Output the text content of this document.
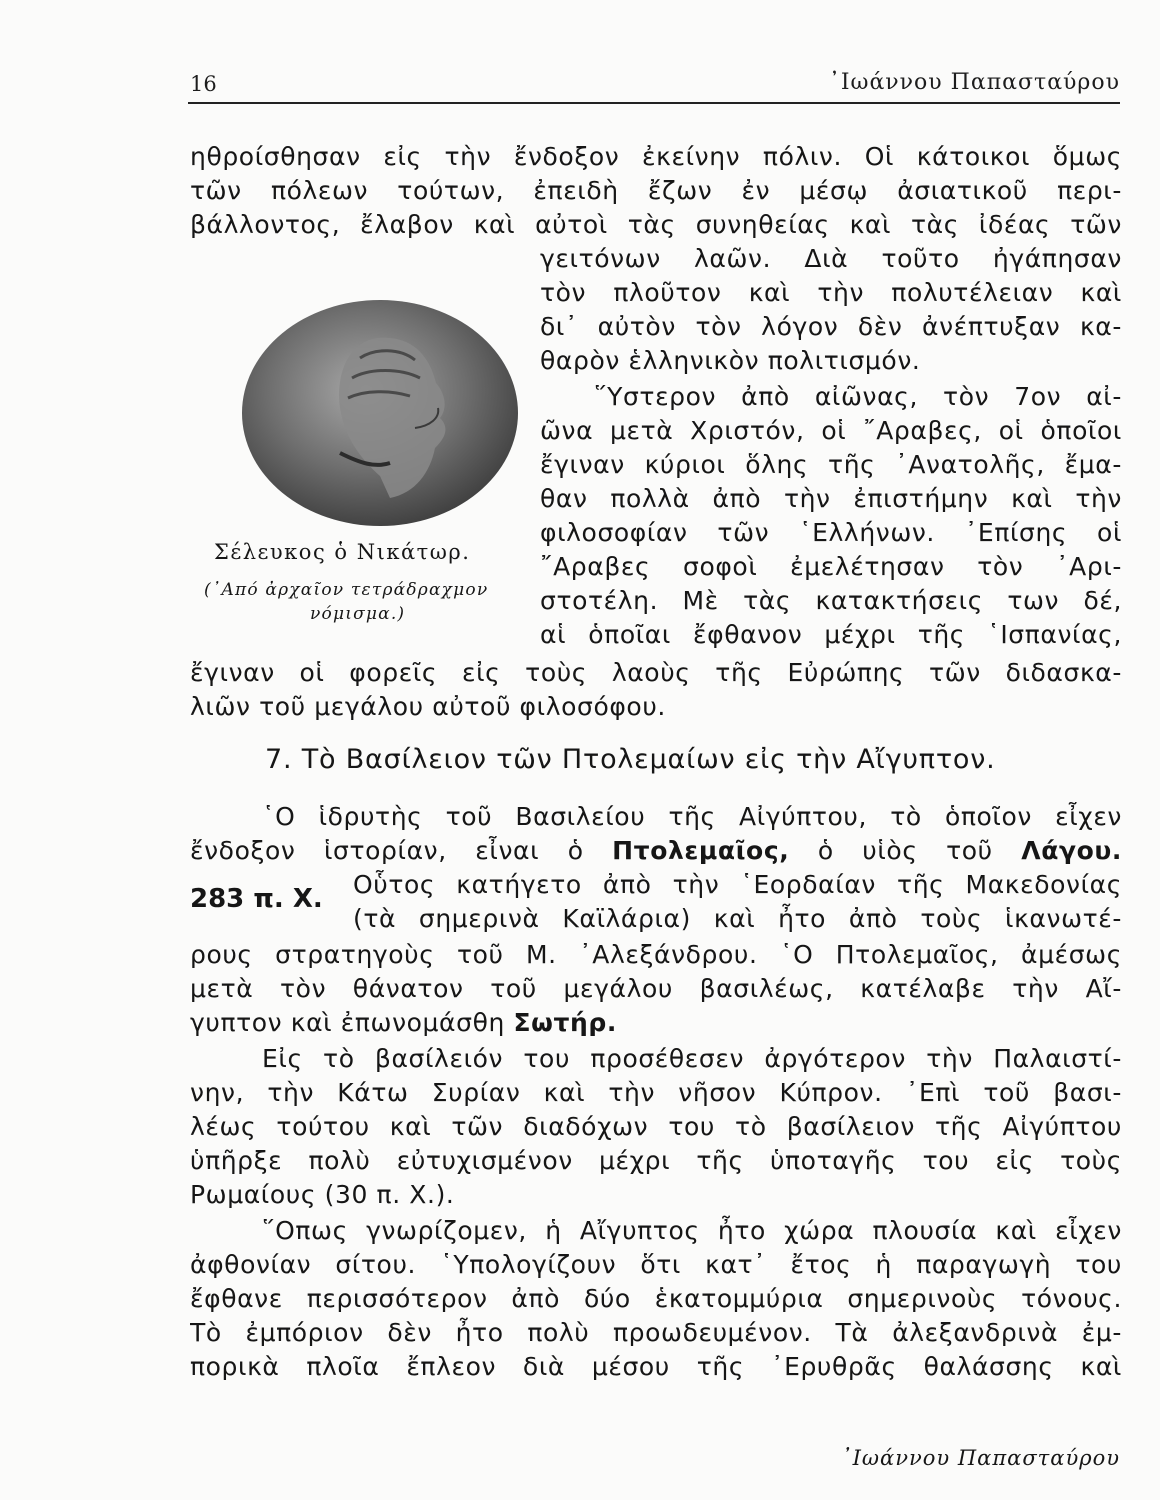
16	᾿Ιωάννου Παπασταύρου
ηθροίσθησαν εἰς τὴν ἔνδοξον ἐκείνην πόλιν. Οἱ κάτοικοι ὅμως
τῶν πόλεων τούτων, ἐπειδὴ ἔζων ἐν μέσῳ ἀσιατικοῦ περι-
βάλλοντος, ἔλαβον καὶ αὐτοὶ τὰς συνηθείας καὶ τὰς ἰδέας τῶν
Σέλευκος ὁ Νικάτωρ.
(᾿Από ἀρχαῖον τετράδραχμον
νόμισμα.)
γειτόνων λαῶν. Διὰ τοῦτο ἠγάπησαν
τὸν πλοῦτον καὶ τὴν πολυτέλειαν καὶ
δι᾿ αὐτὸν τὸν λόγον δὲν ἀνέπτυξαν κα-
θαρὸν ἑλληνικὸν πολιτισμόν.
῞Υστερον ἀπὸ αἰῶνας, τὸν 7ον αἰ-
ῶνα μετὰ Χριστόν, οἱ ῎Αραβες, οἱ ὁποῖοι
ἔγιναν κύριοι ὅλης τῆς ᾿Ανατολῆς, ἔμα-
θαν πολλὰ ἀπὸ τὴν ἐπιστήμην καὶ τὴν
φιλοσοφίαν τῶν ῾Ελλήνων. ᾿Επίσης οἱ
῎Αραβες σοφοὶ ἐμελέτησαν τὸν ᾿Αρι-
στοτέλη. Μὲ τὰς κατακτήσεις των δέ,
αἱ ὁποῖαι ἔφθανον μέχρι τῆς ῾Ισπανίας,
ἔγιναν οἱ φορεῖς εἰς τοὺς λαοὺς τῆς Εὐρώπης τῶν διδασκα-
λιῶν τοῦ μεγάλου αὐτοῦ φιλοσόφου.
7. Τὸ Βασίλειον τῶν Πτολεμαίων εἰς τὴν Αἴγυπτον.
῾Ο ἱδρυτὴς τοῦ Βασιλείου τῆς Αἰγύπτου, τὸ ὁποῖον εἶχεν
ἔνδοξον ἱστορίαν, εἶναι ὁ Πτολεμαῖος, ὁ υἱὸς τοῦ Λάγου.
283 π. Χ. Οὗτος κατήγετο ἀπὸ τὴν ῾Εορδαίαν τῆς Μακεδονίας
(τὰ σημερινὰ Καϊλάρια) καὶ ἦτο ἀπὸ τοὺς ἱκανωτέ-
ρους στρατηγοὺς τοῦ Μ. ᾿Αλεξάνδρου. ῾Ο Πτολεμαῖος, ἀμέσως
μετὰ τὸν θάνατον τοῦ μεγάλου βασιλέως, κατέλαβε τὴν Αἴ-
γυπτον καὶ ἐπωνομάσθη Σωτήρ.
Εἰς τὸ βασίλειόν του προσέθεσεν ἀργότερον τὴν Παλαιστί-
νην, τὴν Κάτω Συρίαν καὶ τὴν νῆσον Κύπρον. ᾿Επὶ τοῦ βασι-
λέως τούτου καὶ τῶν διαδόχων του τὸ βασίλειον τῆς Αἰγύπτου
ὑπῆρξε πολὺ εὐτυχισμένον μέχρι τῆς ὑποταγῆς του εἰς τοὺς
Ρωμαίους (30 π. Χ.).
῞Οπως γνωρίζομεν, ἡ Αἴγυπτος ἦτο χώρα πλουσία καὶ εἶχεν
ἀφθονίαν σίτου. ῾Υπολογίζουν ὅτι κατ᾿ ἔτος ἡ παραγωγὴ του
ἔφθανε περισσότερον ἀπὸ δύο ἑκατομμύρια σημερινοὺς τόνους.
Τὸ ἐμπόριον δὲν ἦτο πολὺ προωδευμένον. Τὰ ἀλεξανδρινὰ ἐμ-
πορικὰ πλοῖα ἔπλεον διὰ μέσου τῆς ᾿Ερυθρᾶς θαλάσσης καὶ
᾿Ιωάννου Παπασταύρου
